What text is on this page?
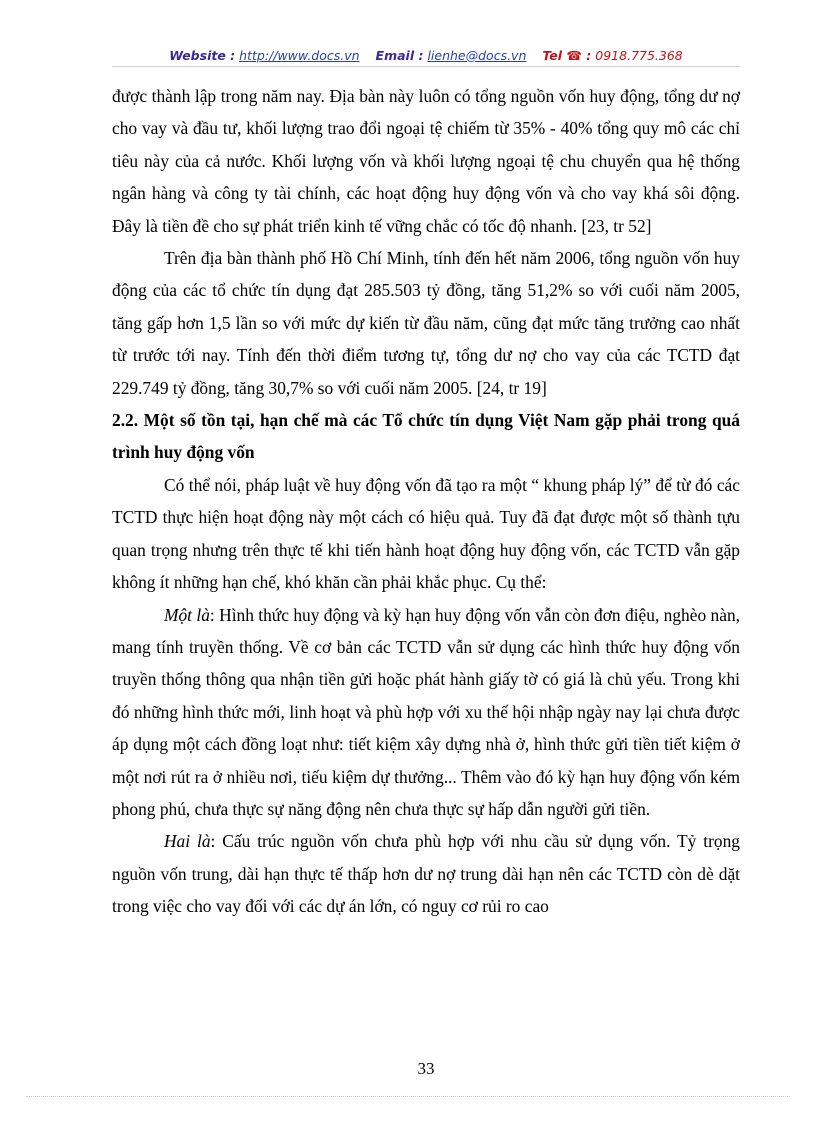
Website : http://www.docs.vn Email : lienhe@docs.vn Tel ☎ : 0918.775.368

được thành lập trong năm nay. Địa bàn này luôn có tổng nguồn vốn huy động, tổng dư nợ cho vay và đầu tư, khối lượng trao đổi ngoại tệ chiếm từ 35% - 40% tổng quy mô các chỉ tiêu này của cả nước. Khối lượng vốn và khối lượng ngoại tệ chu chuyển qua hệ thống ngân hàng và công ty tài chính, các hoạt động huy động vốn và cho vay khá sôi động. Đây là tiền đề cho sự phát triển kinh tế vững chắc có tốc độ nhanh. [23, tr 52]

Trên địa bàn thành phố Hồ Chí Minh, tính đến hết năm 2006, tổng nguồn vốn huy động của các tổ chức tín dụng đạt 285.503 tỷ đồng, tăng 51,2% so với cuối năm 2005, tăng gấp hơn 1,5 lần so với mức dự kiến từ đầu năm, cũng đạt mức tăng trưởng cao nhất từ trước tới nay. Tính đến thời điểm tương tự, tổng dư nợ cho vay của các TCTD đạt 229.749 tỷ đồng, tăng 30,7% so với cuối năm 2005. [24, tr 19]

2.2. Một số tồn tại, hạn chế mà các Tổ chức tín dụng Việt Nam gặp phải trong quá trình huy động vốn

Có thể nói, pháp luật về huy động vốn đã tạo ra một “ khung pháp lý” để từ đó các TCTD thực hiện hoạt động này một cách có hiệu quả. Tuy đã đạt được một số thành tựu quan trọng nhưng trên thực tế khi tiến hành hoạt động huy động vốn, các TCTD vẫn gặp không ít những hạn chế, khó khăn cần phải khắc phục. Cụ thể:

Một là: Hình thức huy động và kỳ hạn huy động vốn vẫn còn đơn điệu, nghèo nàn, mang tính truyền thống. Về cơ bản các TCTD vẫn sử dụng các hình thức huy động vốn truyền thống thông qua nhận tiền gửi hoặc phát hành giấy tờ có giá là chủ yếu. Trong khi đó những hình thức mới, linh hoạt và phù hợp với xu thế hội nhập ngày nay lại chưa được áp dụng một cách đồng loạt như: tiết kiệm xây dựng nhà ở, hình thức gửi tiền tiết kiệm ở một nơi rút ra ở nhiều nơi, tiếu kiệm dự thưởng... Thêm vào đó kỳ hạn huy động vốn kém phong phú, chưa thực sự năng động nên chưa thực sự hấp dẫn người gửi tiền.

Hai là: Cấu trúc nguồn vốn chưa phù hợp với nhu cầu sử dụng vốn. Tỷ trọng nguồn vốn trung, dài hạn thực tế thấp hơn dư nợ trung dài hạn nên các TCTD còn dè dặt trong việc cho vay đối với các dự án lớn, có nguy cơ rủi ro cao

33
